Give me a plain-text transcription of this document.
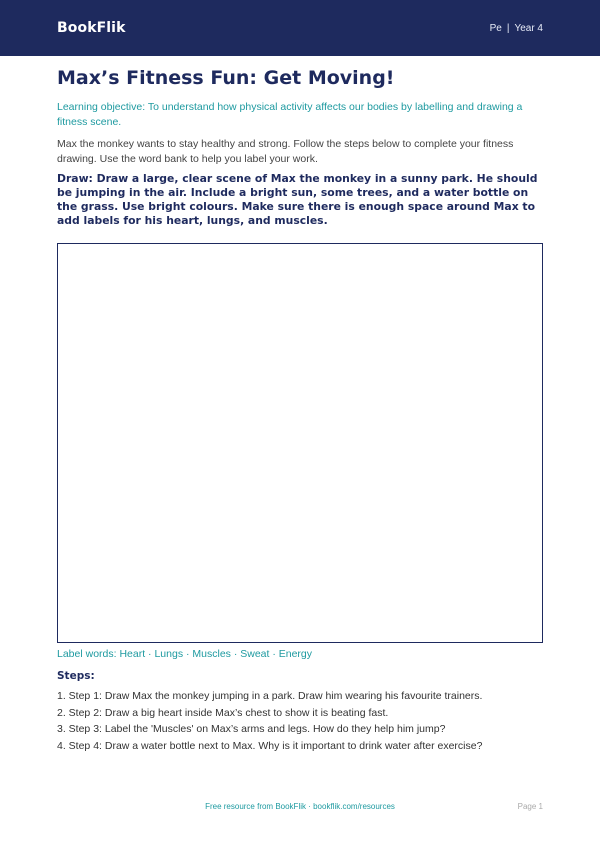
BookFlik	Pe | Year 4
Max’s Fitness Fun: Get Moving!

Learning objective: To understand how physical activity affects our bodies by labelling and drawing a fitness scene.

Max the monkey wants to stay healthy and strong. Follow the steps below to complete your fitness drawing. Use the word bank to help you label your work.

Draw: Draw a large, clear scene of Max the monkey in a sunny park. He should be jumping in the air. Include a bright sun, some trees, and a water bottle on the grass. Use bright colours. Make sure there is enough space around Max to add labels for his heart, lungs, and muscles.

Label words: Heart · Lungs · Muscles · Sweat · Energy

Steps:
1. Step 1: Draw Max the monkey jumping in a park. Draw him wearing his favourite trainers.
2. Step 2: Draw a big heart inside Max’s chest to show it is beating fast.
3. Step 3: Label the 'Muscles' on Max’s arms and legs. How do they help him jump?
4. Step 4: Draw a water bottle next to Max. Why is it important to drink water after exercise?
Free resource from BookFlik · bookflik.com/resources	Page 1
